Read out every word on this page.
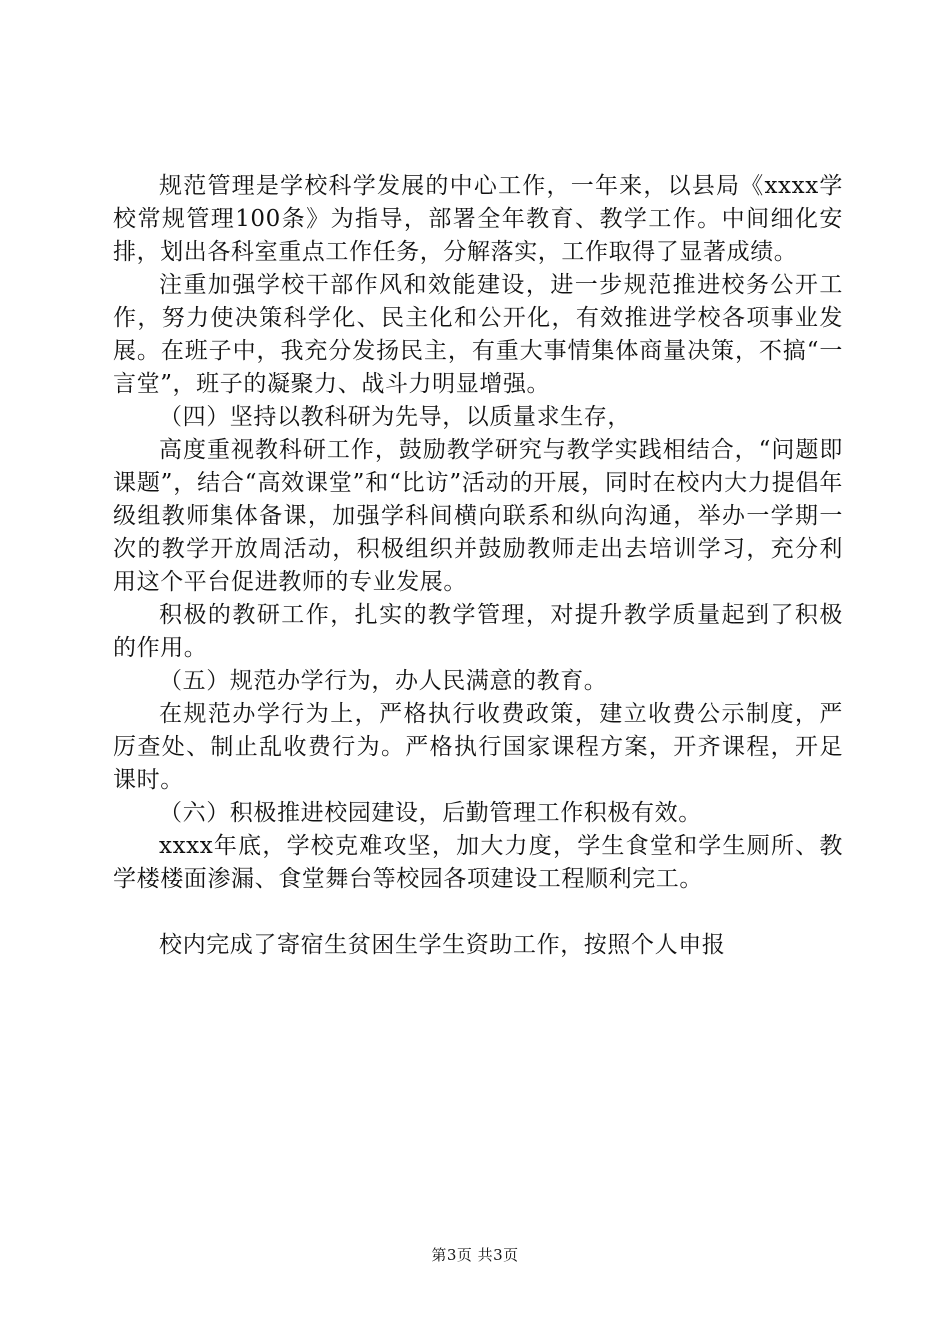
规范管理是学校科学发展的中心工作，一年来，以县局《xxxx学校常规管理100条》为指导，部署全年教育、教学工作。中间细化安排，划出各科室重点工作任务，分解落实，工作取得了显著成绩。

注重加强学校干部作风和效能建设，进一步规范推进校务公开工作，努力使决策科学化、民主化和公开化，有效推进学校各项事业发展。在班子中，我充分发扬民主，有重大事情集体商量决策，不搞“一言堂”，班子的凝聚力、战斗力明显增强。

（四）坚持以教科研为先导，以质量求生存，

高度重视教科研工作，鼓励教学研究与教学实践相结合，“问题即课题”，结合“高效课堂”和“比访”活动的开展，同时在校内大力提倡年级组教师集体备课，加强学科间横向联系和纵向沟通，举办一学期一次的教学开放周活动，积极组织并鼓励教师走出去培训学习，充分利用这个平台促进教师的专业发展。

积极的教研工作，扎实的教学管理，对提升教学质量起到了积极的作用。

（五）规范办学行为，办人民满意的教育。

在规范办学行为上，严格执行收费政策，建立收费公示制度，严厉查处、制止乱收费行为。严格执行国家课程方案，开齐课程，开足课时。

（六）积极推进校园建设，后勤管理工作积极有效。

xxxx年底，学校克难攻坚，加大力度，学生食堂和学生厕所、教学楼楼面渗漏、食堂舞台等校园各项建设工程顺利完工。

校内完成了寄宿生贫困生学生资助工作，按照个人申报

第3页 共3页
